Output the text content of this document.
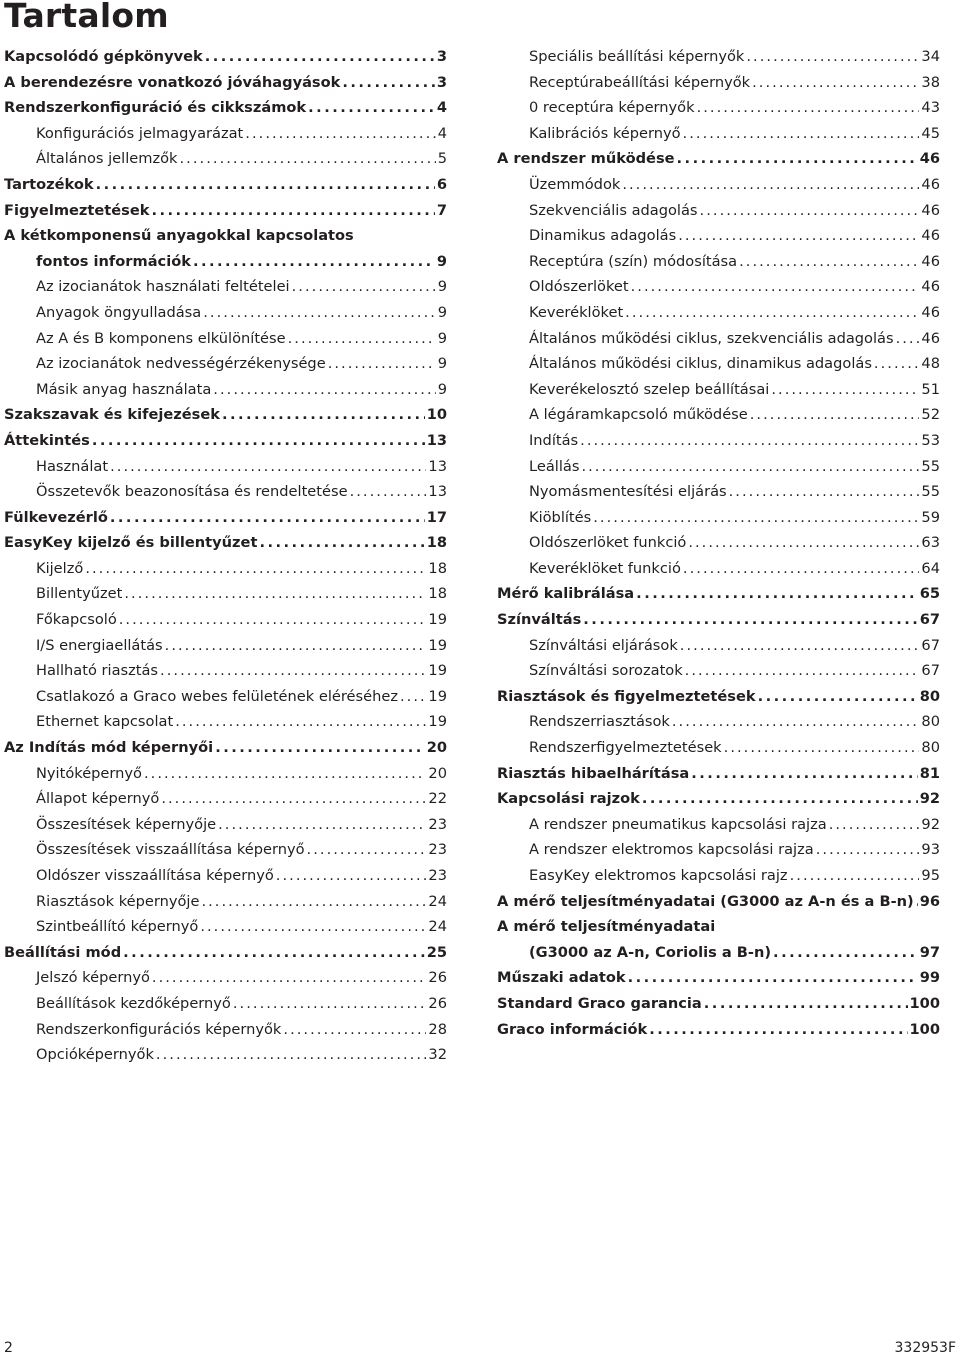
Tartalom
Kapcsolódó gépkönyvek . . .	3
A berendezésre vonatkozó jóváhagyások . . .	3
Rendszerkonfiguráció és cikkszámok . . .	4
Konfigurációs jelmagyarázat . . .	4
Általános jellemzők . . .	5
Tartozékok . . .	6
Figyelmeztetések . . .	7
A kétkomponensű anyagokkal kapcsolatos
fontos információk . . .	9
Az izocianátok használati feltételei . . .	9
Anyagok öngyulladása . . .	9
Az A és B komponens elkülönítése . . .	9
Az izocianátok nedvességérzékenysége . . .	9
Másik anyag használata . . .	9
Szakszavak és kifejezések . . .	10
Áttekintés . . .	13
Használat . . .	13
Összetevők beazonosítása és rendeltetése . . .	13
Fülkevezérlő . . .	17
EasyKey kijelző és billentyűzet . . .	18
Kijelző . . .	18
Billentyűzet . . .	18
Főkapcsoló . . .	19
I/S energiaellátás . . .	19
Hallható riasztás . . .	19
Csatlakozó a Graco webes felületének eléréséhez . . . 19
Ethernet kapcsolat . . .	19
Az Indítás mód képernyői . . .	20
Nyitóképernyő . . .	20
Állapot képernyő . . .	22
Összesítések képernyője . . .	23
Összesítések visszaállítása képernyő . . .	23
Oldószer visszaállítása képernyő . . .	23
Riasztások képernyője . . .	24
Szintbeállító képernyő . . .	24
Beállítási mód . . .	25
Jelszó képernyő . . .	26
Beállítások kezdőképernyő . . .	26
Rendszerkonfigurációs képernyők . . .	28
Opcióképernyők . . .	32
Speciális beállítási képernyők . . .	34
Receptúrabeállítási képernyők . . .	38
0 receptúra képernyők . . .	43
Kalibrációs képernyő . . .	45
A rendszer működése . . .	46
Üzemmódok . . .	46
Szekvenciális adagolás . . .	46
Dinamikus adagolás . . .	46
Receptúra (szín) módosítása . . .	46
Oldószerlöket . . .	46
Keveréklöket . . .	46
Általános működési ciklus, szekvenciális adagolás . . . 46
Általános működési ciklus, dinamikus adagolás . . .	48
Keverékelosztó szelep beállításai . . .	51
A légáramkapcsoló működése . . .	52
Indítás . . .	53
Leállás . . .	55
Nyomásmentesítési eljárás . . .	55
Kiöblítés . . .	59
Oldószerlöket funkció . . .	63
Keveréklöket funkció . . .	64
Mérő kalibrálása . . .	65
Színváltás . . .	67
Színváltási eljárások . . .	67
Színváltási sorozatok . . .	67
Riasztások és figyelmeztetések . . .	80
Rendszerriasztások . . .	80
Rendszerfigyelmeztetések . . .	80
Riasztás hibaelhárítása . . .	81
Kapcsolási rajzok . . .	92
A rendszer pneumatikus kapcsolási rajza . . .	92
A rendszer elektromos kapcsolási rajza . . .	93
EasyKey elektromos kapcsolási rajz . . .	95
A mérő teljesítményadatai (G3000 az A-n és a B-n) . . . 96
A mérő teljesítményadatai
(G3000 az A-n, Coriolis a B-n) . . .	97
Műszaki adatok . . .	99
Standard Graco garancia . . .	100
Graco információk . . .	100
2	332953F
